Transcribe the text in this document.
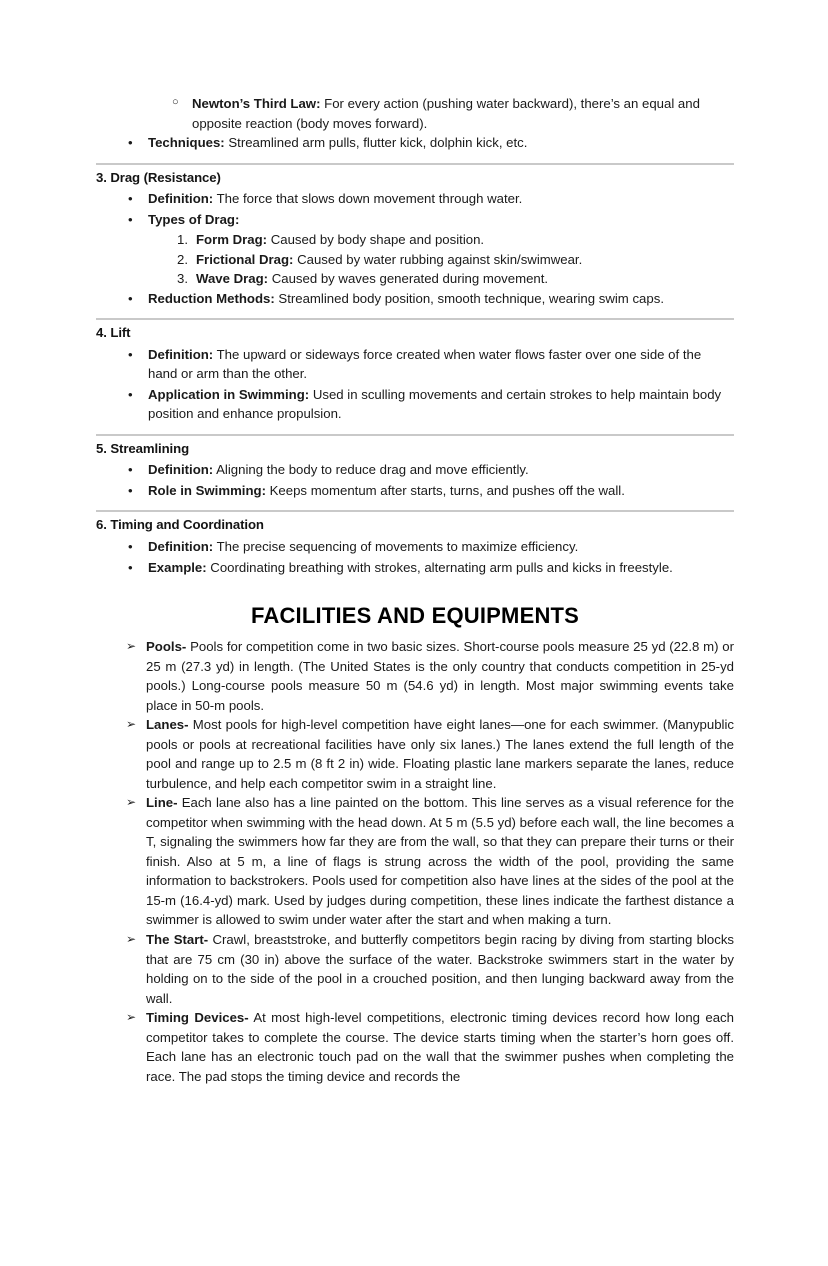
○ Newton’s Third Law: For every action (pushing water backward), there’s an equal and opposite reaction (body moves forward).
• Techniques: Streamlined arm pulls, flutter kick, dolphin kick, etc.
3. Drag (Resistance)
• Definition: The force that slows down movement through water.
• Types of Drag:
1. Form Drag: Caused by body shape and position.
2. Frictional Drag: Caused by water rubbing against skin/swimwear.
3. Wave Drag: Caused by waves generated during movement.
• Reduction Methods: Streamlined body position, smooth technique, wearing swim caps.
4. Lift
• Definition: The upward or sideways force created when water flows faster over one side of the hand or arm than the other.
• Application in Swimming: Used in sculling movements and certain strokes to help maintain body position and enhance propulsion.
5. Streamlining
• Definition: Aligning the body to reduce drag and move efficiently.
• Role in Swimming: Keeps momentum after starts, turns, and pushes off the wall.
6. Timing and Coordination
• Definition: The precise sequencing of movements to maximize efficiency.
• Example: Coordinating breathing with strokes, alternating arm pulls and kicks in freestyle.
FACILITIES AND EQUIPMENTS
➢ Pools- Pools for competition come in two basic sizes. Short-course pools measure 25 yd (22.8 m) or 25 m (27.3 yd) in length. (The United States is the only country that conducts competition in 25-yd pools.) Long-course pools measure 50 m (54.6 yd) in length. Most major swimming events take place in 50-m pools.
➢ Lanes- Most pools for high-level competition have eight lanes—one for each swimmer. (Manypublic pools or pools at recreational facilities have only six lanes.) The lanes extend the full length of the pool and range up to 2.5 m (8 ft 2 in) wide. Floating plastic lane markers separate the lanes, reduce turbulence, and help each competitor swim in a straight line.
➢ Line- Each lane also has a line painted on the bottom. This line serves as a visual reference for the competitor when swimming with the head down. At 5 m (5.5 yd) before each wall, the line becomes a T, signaling the swimmers how far they are from the wall, so that they can prepare their turns or their finish. Also at 5 m, a line of flags is strung across the width of the pool, providing the same information to backstrokers. Pools used for competition also have lines at the sides of the pool at the 15-m (16.4-yd) mark. Used by judges during competition, these lines indicate the farthest distance a swimmer is allowed to swim under water after the start and when making a turn.
➢ The Start- Crawl, breaststroke, and butterfly competitors begin racing by diving from starting blocks that are 75 cm (30 in) above the surface of the water. Backstroke swimmers start in the water by holding on to the side of the pool in a crouched position, and then lunging backward away from the wall.
➢ Timing Devices- At most high-level competitions, electronic timing devices record how long each competitor takes to complete the course. The device starts timing when the starter’s horn goes off. Each lane has an electronic touch pad on the wall that the swimmer pushes when completing the race. The pad stops the timing device and records the
